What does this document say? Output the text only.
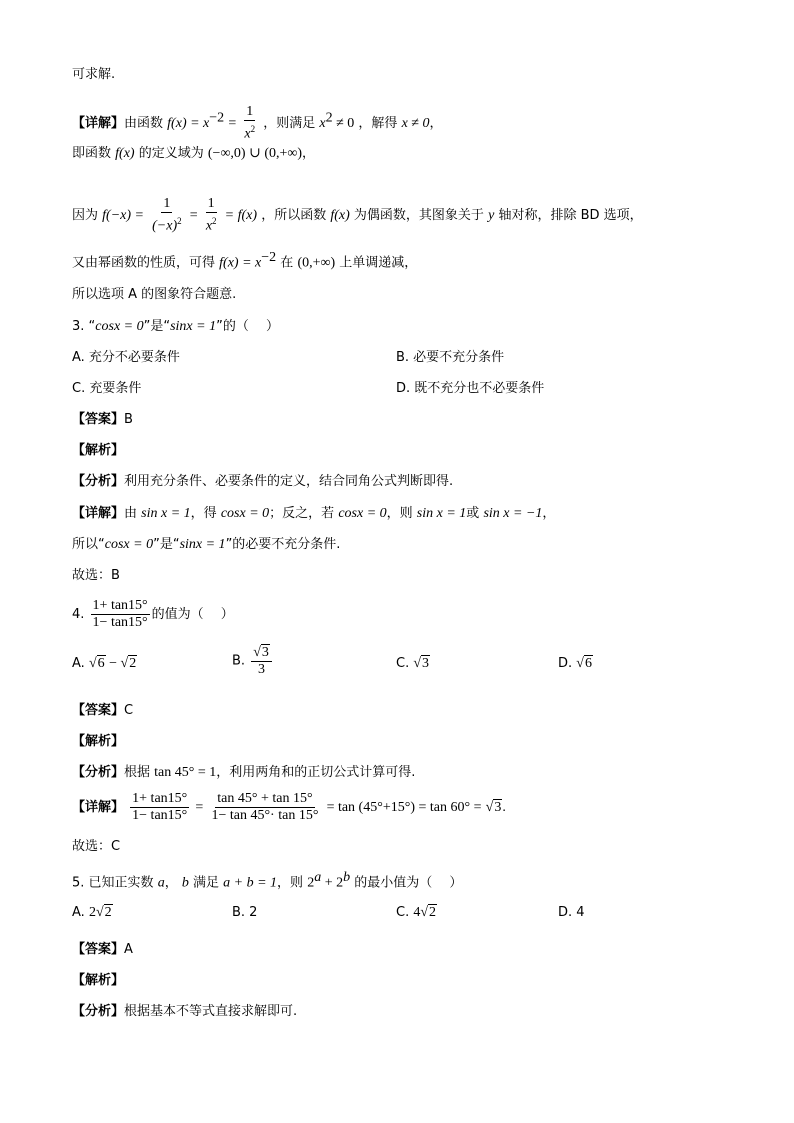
可求解.
【详解】由函数 $f(x) = x^{-2} = \frac{1}{x^2}$ ，则满足 $x^2 \ne 0$ ，解得 x ≠ 0，
即函数 f(x) 的定义域为 (−∞,0) ∪ (0,+∞)，
因为 $f(-x) = \frac{1}{(-x)^2} = \frac{1}{x^2} = f(x)$ ，所以函数 f(x) 为偶函数，其图象关于 y 轴对称，排除 BD 选项，
又由幂函数的性质，可得 $f(x) = x^{-2}$ 在 (0,+∞) 上单调递减，
所以选项 A 的图象符合题意.
3. “cosx = 0”是“sinx = 1”的（　 ）
A. 充分不必要条件	B. 必要不充分条件
C. 充要条件	D. 既不充分也不必要条件
【答案】B
【解析】
【分析】利用充分条件、必要条件的定义，结合同角公式判断即得.
【详解】由 sin x = 1，得 cosx = 0；反之，若 cosx = 0，则 sin x = 1或 sin x = −1，
所以“cosx = 0”是“sinx = 1”的必要不充分条件.
故选：B
4. $\frac{1+ \tan 15^\circ}{1- \tan 15^\circ}$ 的值为（　 ）
A. √6 − √2	B. $\frac{√3}{3}$	C. √3	D. √6
【答案】C
【解析】
【分析】根据 tan 45° = 1，利用两角和的正切公式计算可得.
【详解】 $\frac{1+ \tan 15^\circ}{1- \tan 15^\circ} = \frac{\tan 45^\circ + \tan 15^\circ}{1- \tan 45^\circ\cdot \tan 15^\circ} = \tan (45^\circ+15^\circ) = \tan 60^\circ = √3$.
故选：C
5. 已知正实数 a， b 满足 a + b = 1，则 $2^a + 2^b$ 的最小值为（　 ）
A. 2√2	B. 2	C. 4√2	D. 4
【答案】A
【解析】
【分析】根据基本不等式直接求解即可.
